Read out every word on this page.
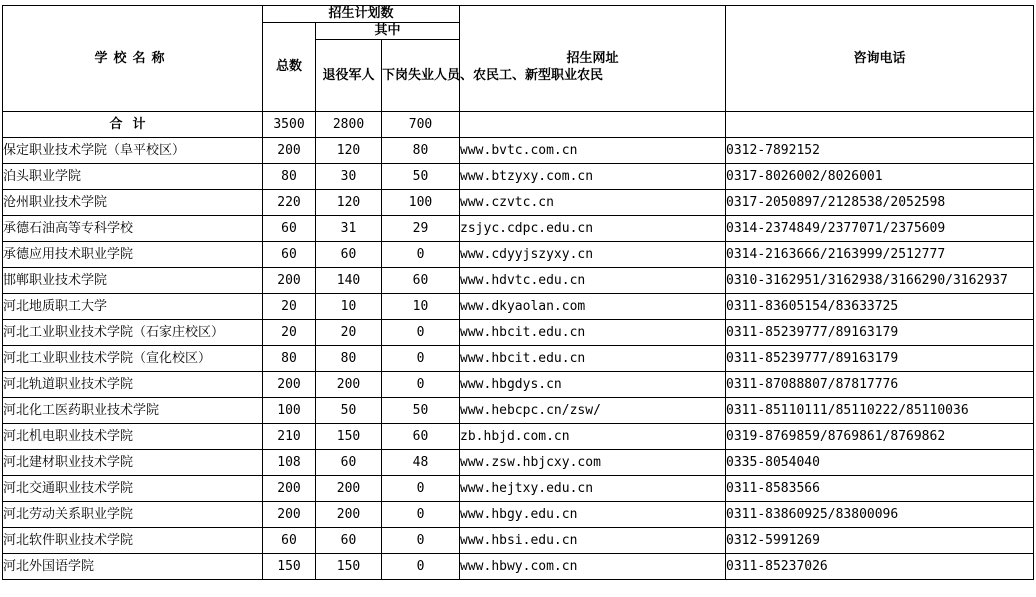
学校名称	招生计划数			招生网址	咨询电话
	总数	其中			
		退役军人	下岗失业人员、农民工、新型职业农民		
合计	3500	2800	700		
保定职业技术学院（阜平校区）	200	120	80	www.bvtc.com.cn	0312-7892152
泊头职业学院	80	30	50	www.btzyxy.com.cn	0317-8026002/8026001
沧州职业技术学院	220	120	100	www.czvtc.cn	0317-2050897/2128538/2052598
承德石油高等专科学校	60	31	29	zsjyc.cdpc.edu.cn	0314-2374849/2377071/2375609
承德应用技术职业学院	60	60	0	www.cdyyjszyxy.cn	0314-2163666/2163999/2512777
邯郸职业技术学院	200	140	60	www.hdvtc.edu.cn	0310-3162951/3162938/3166290/3162937
河北地质职工大学	20	10	10	www.dkyaolan.com	0311-83605154/83633725
河北工业职业技术学院（石家庄校区）	20	20	0	www.hbcit.edu.cn	0311-85239777/89163179
河北工业职业技术学院（宣化校区）	80	80	0	www.hbcit.edu.cn	0311-85239777/89163179
河北轨道职业技术学院	200	200	0	www.hbgdys.cn	0311-87088807/87817776
河北化工医药职业技术学院	100	50	50	www.hebcpc.cn/zsw/	0311-85110111/85110222/85110036
河北机电职业技术学院	210	150	60	zb.hbjd.com.cn	0319-8769859/8769861/8769862
河北建材职业技术学院	108	60	48	www.zsw.hbjcxy.com	0335-8054040
河北交通职业技术学院	200	200	0	www.hejtxy.edu.cn	0311-8583566
河北劳动关系职业学院	200	200	0	www.hbgy.edu.cn	0311-83860925/83800096
河北软件职业技术学院	60	60	0	www.hbsi.edu.cn	0312-5991269
河北外国语学院	150	150	0	www.hbwy.com.cn	0311-85237026
